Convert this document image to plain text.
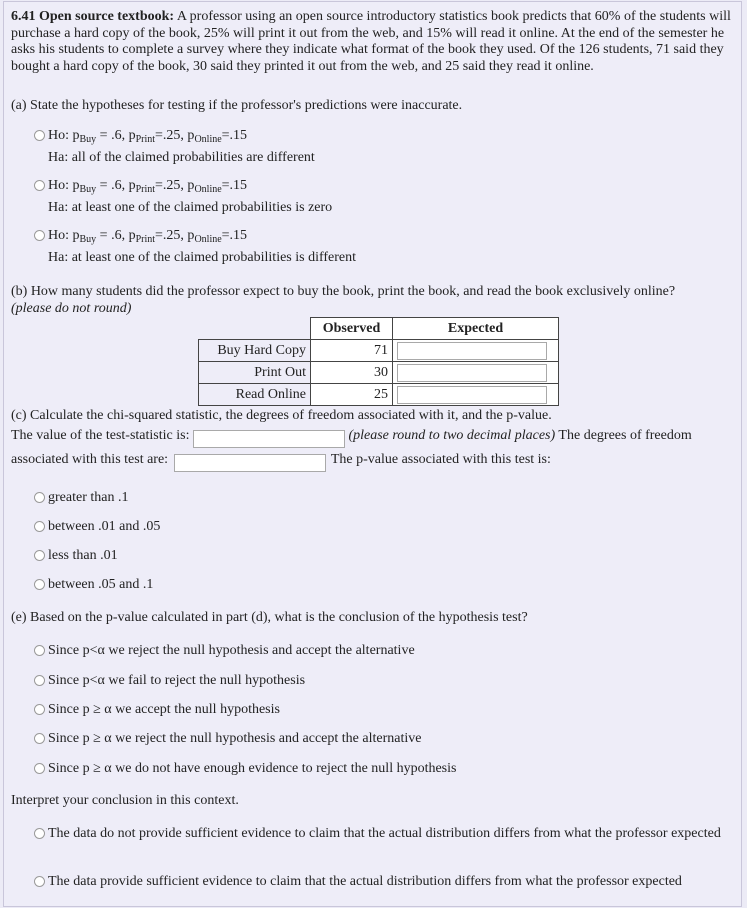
6.41 Open source textbook: A professor using an open source introductory statistics book predicts that 60% of the students will purchase a hard copy of the book, 25% will print it out from the web, and 15% will read it online. At the end of the semester he asks his students to complete a survey where they indicate what format of the book they used. Of the 126 students, 71 said they bought a hard copy of the book, 30 said they printed it out from the web, and 25 said they read it online.
(a) State the hypotheses for testing if the professor's predictions were inaccurate.
Ho: $p_{Buy} = .6$, $p_{Print}=.25$, $p_{Online}=.15$
Ha: all of the claimed probabilities are different
Ho: $p_{Buy} = .6$, $p_{Print}=.25$, $p_{Online}=.15$
Ha: at least one of the claimed probabilities is zero
Ho: $p_{Buy} = .6$, $p_{Print}=.25$, $p_{Online}=.15$
Ha: at least one of the claimed probabilities is different
(b) How many students did the professor expect to buy the book, print the book, and read the book exclusively online?
(please do not round)
	Observed	Expected
Buy Hard Copy	71	
Print Out	30	
Read Online	25	
(c) Calculate the chi-squared statistic, the degrees of freedom associated with it, and the p-value.
The value of the test-statistic is:	(please round to two decimal places) The degrees of freedom
associated with this test are:	The p-value associated with this test is:
greater than .1
between .01 and .05
less than .01
between .05 and .1
(e) Based on the p-value calculated in part (d), what is the conclusion of the hypothesis test?
Since p<α we reject the null hypothesis and accept the alternative
Since p<α we fail to reject the null hypothesis
Since p ≥ α we accept the null hypothesis
Since p ≥ α we reject the null hypothesis and accept the alternative
Since p ≥ α we do not have enough evidence to reject the null hypothesis
Interpret your conclusion in this context.
The data do not provide sufficient evidence to claim that the actual distribution differs from what the professor expected
The data provide sufficient evidence to claim that the actual distribution differs from what the professor expected
